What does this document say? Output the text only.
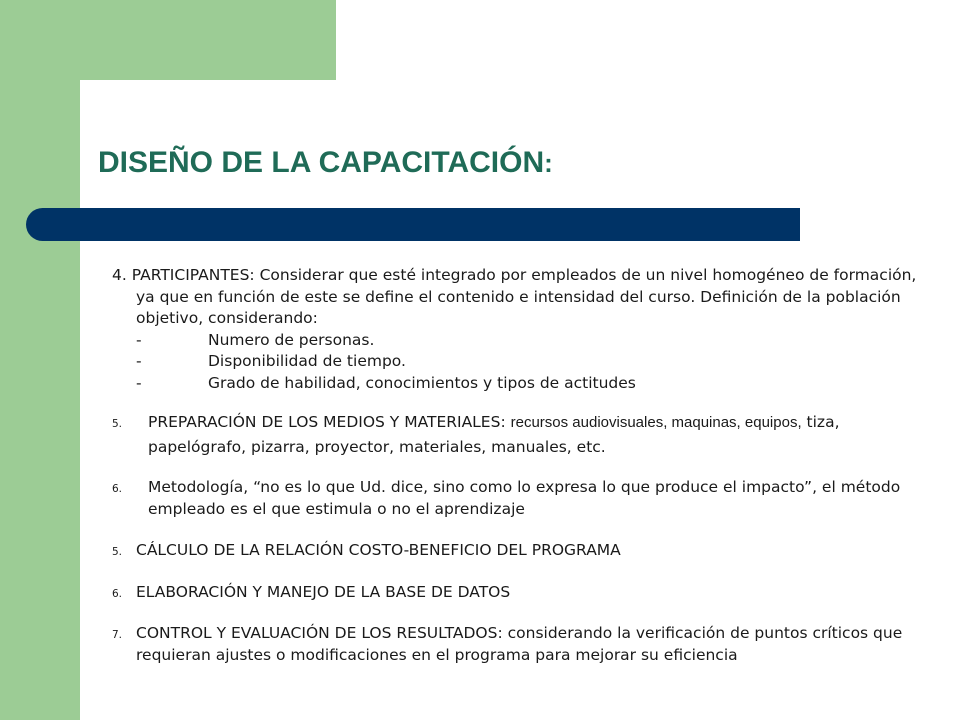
DISEÑO DE LA CAPACITACIÓN:
4. PARTICIPANTES: Considerar que esté integrado por empleados de un nivel homogéneo de formación, ya que en función de este se define el contenido e intensidad del curso. Definición de la población objetivo, considerando:
-	Numero de personas.
-	Disponibilidad de tiempo.
-	Grado de habilidad, conocimientos y tipos de actitudes
5. PREPARACIÓN DE LOS MEDIOS Y MATERIALES: recursos audiovisuales, maquinas, equipos, tiza, papelógrafo, pizarra, proyector, materiales, manuales, etc.
6. Metodología, “no es lo que Ud. dice, sino como lo expresa lo que produce el impacto”, el método empleado es el que estimula o no el aprendizaje
5. CÁLCULO DE LA RELACIÓN COSTO-BENEFICIO DEL PROGRAMA
6. ELABORACIÓN Y MANEJO DE LA BASE DE DATOS
7. CONTROL Y EVALUACIÓN DE LOS RESULTADOS: considerando la verificación de puntos críticos que requieran ajustes o modificaciones en el programa para mejorar su eficiencia
